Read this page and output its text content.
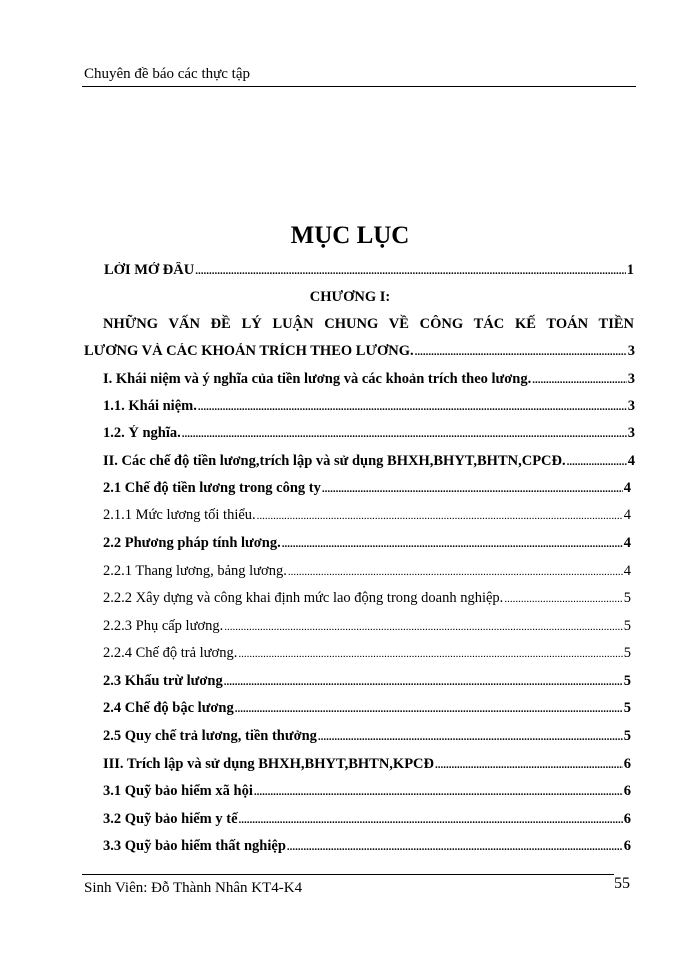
Chuyên đề báo các thực tập
MỤC LỤC
LỜI MỞ ĐẦU .....	1
CHƯƠNG I:
NHỮNG VẤN ĐỀ LÝ LUẬN CHUNG VỀ CÔNG TÁC KẾ TOÁN TIỀN
LƯƠNG VÀ CÁC KHOẢN TRÍCH THEO LƯƠNG. .....	3
I. Khái niệm và ý nghĩa của tiền lương và các khoản trích theo lương. .....	3
1.1. Khái niệm. .....	3
1.2. Ý nghĩa. .....	3
II. Các chế độ tiền lương,trích lập và sử dụng BHXH,BHYT,BHTN,CPCĐ. .....	4
2.1 Chế độ tiền lương trong công ty .....	4
2.1.1 Mức lương tối thiểu. .....	4
2.2 Phương pháp tính lương. .....	4
2.2.1 Thang lương, bảng lương. .....	4
2.2.2 Xây dựng và công khai định mức lao động trong doanh nghiệp. .....	5
2.2.3 Phụ cấp lương. .....	5
2.2.4 Chế độ trả lương. .....	5
2.3 Khấu trừ lương .....	5
2.4 Chế độ bậc lương .....	5
2.5 Quy chế trả lương, tiền thưởng .....	5
III. Trích lập và sử dụng BHXH,BHYT,BHTN,KPCĐ .....	6
3.1 Quỹ bảo hiểm xã hội .....	6
3.2 Quỹ bảo hiểm y tế .....	6
3.3 Quỹ bảo hiểm thất nghiệp .....	6
Sinh Viên: Đỗ Thành Nhân KT4-K4	55
